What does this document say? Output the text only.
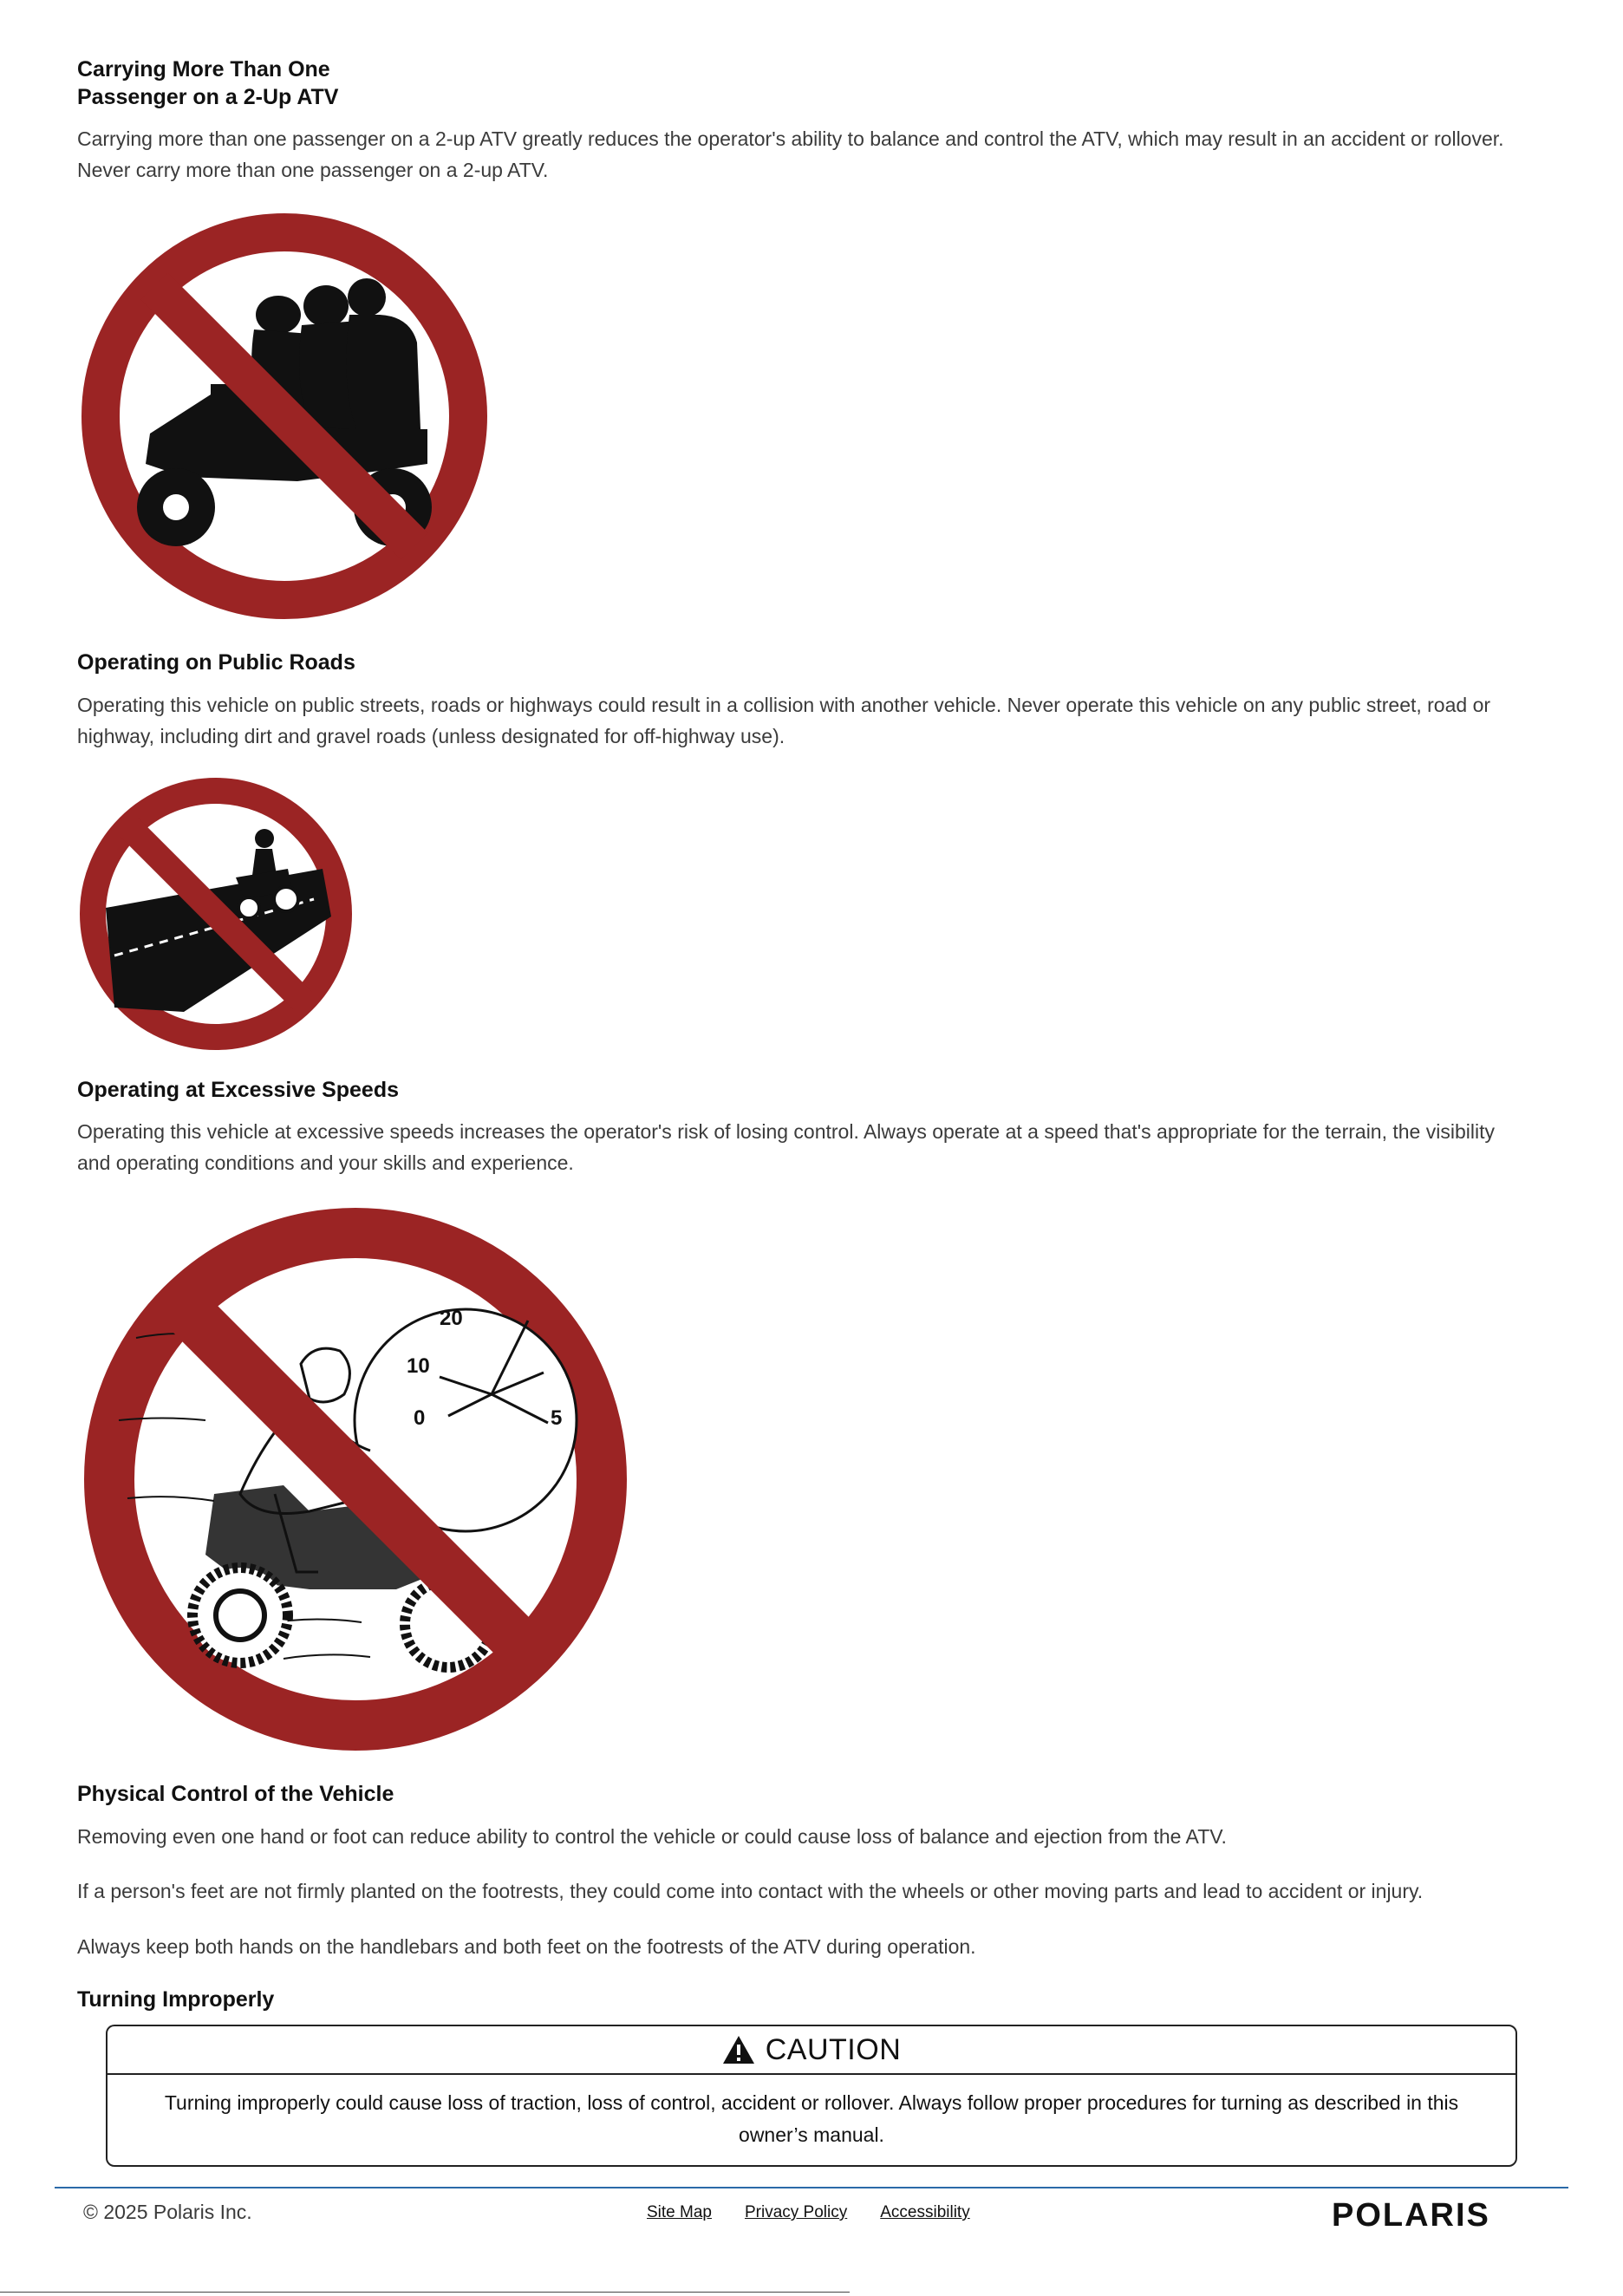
Carrying More Than One
Passenger on a 2-Up ATV

Carrying more than one passenger on a 2-up ATV greatly reduces the operator's ability to balance and control the ATV, which may result in an accident or rollover.
Never carry more than one passenger on a 2-up ATV.

Operating on Public Roads

Operating this vehicle on public streets, roads or highways could result in a collision with another vehicle. Never operate this vehicle on any public street, road or
highway, including dirt and gravel roads (unless designated for off-highway use).

Operating at Excessive Speeds

Operating this vehicle at excessive speeds increases the operator's risk of losing control. Always operate at a speed that's appropriate for the terrain, the visibility
and operating conditions and your skills and experience.

20
10
0	5
Physical Control of the Vehicle

Removing even one hand or foot can reduce ability to control the vehicle or could cause loss of balance and ejection from the ATV.

If a person's feet are not firmly planted on the footrests, they could come into contact with the wheels or other moving parts and lead to accident or injury.

Always keep both hands on the handlebars and both feet on the footrests of the ATV during operation.

Turning Improperly
CAUTION
Turning improperly could cause loss of traction, loss of control, accident or rollover. Always follow proper procedures for turning as described in this
owner’s manual.
© 2025 Polaris Inc.	Site Map Privacy Policy Accessibility	POLARIS
